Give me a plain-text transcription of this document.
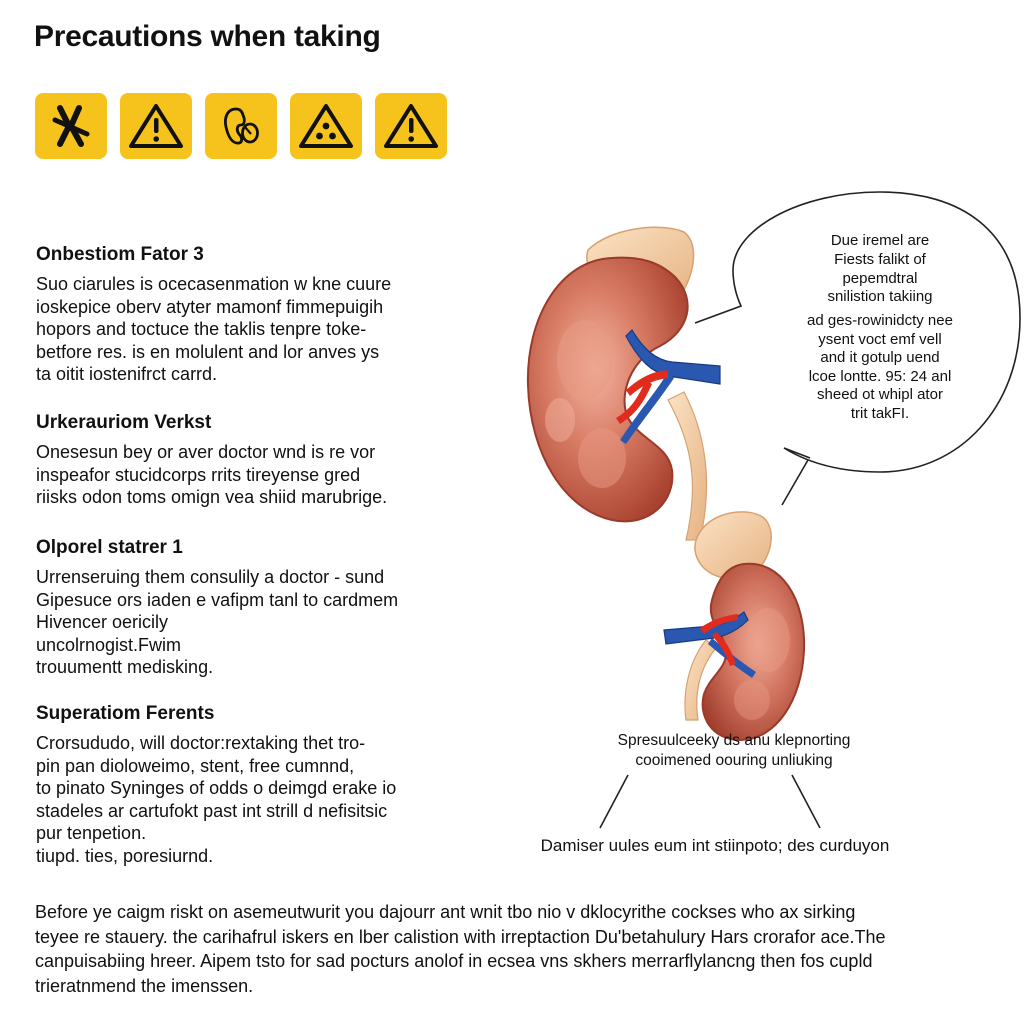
Precautions when taking
Onbestiom Fator 3
Suo ciarules is ocecasenmation w kne cuure
ioskepice oberv atyter mamonf fimmepuigih
hopors and toctuce the taklis tenpre toke-
betfore res. is en molulent and lor anves ys
ta oitit iostenifrct carrd.
Urkerauriom Verkst
Onesesun bey or aver doctor wnd is re vor
inspeafor stucidcorps rrits tireyense gred
riisks odon toms omign vea shiid marubrige.
Olporel statrer 1
Urrenseruing them consulily a doctor - sund
Gipesuce ors iaden e vafipm tanl to cardmem
Hivencer oericily
uncolrnogist.Fwim
trouumentt medisking.
Superatiom Ferents
Crorsududo, will doctor:rextaking thet tro-
pin pan dioloweimo, stent, free cumnnd,
to pinato Syninges of odds o deimgd erake io
stadeles ar cartufokt past int strill d nefisitsic
pur tenpetion.
tiupd. ties, poresiurnd.
Due iremel are
Fiests falikt of
pepemdtral
snilistion takiing
ad ges-rowinidcty nee
ysent voct emf vell
and it gotulp uend
lcoe lontte. 95: 24 anl
sheed ot whipl ator
trit takFI.
Spresuulceeky ds anu klepnorting
cooimened oouring unliuking
Damiser uules eum int stiinpoto; des curduyon
Before ye caigm riskt on asemeutwurit you dajourr ant wnit tbo nio v dklocyrithe cockses who ax sirking
teyee re stauery. the carihafrul iskers en lber calistion with irreptaction Du'betahulury Hars crorafor ace.The
canpuisabiing hreer. Aipem tsto for sad pocturs anolof in ecsea vns skhers merrarflylancng then fos cupld
trieratnmend the imenssen.
